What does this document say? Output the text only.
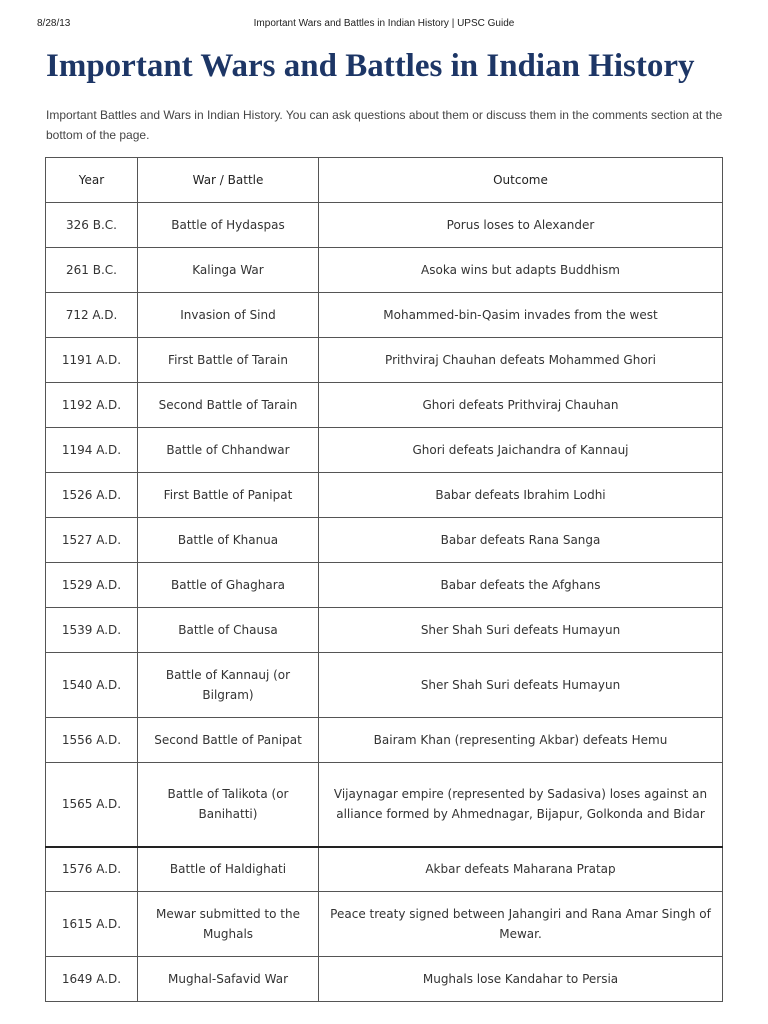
8/28/13	Important Wars and Battles in Indian History | UPSC Guide
Important Wars and Battles in Indian History

Important Battles and Wars in Indian History. You can ask questions about them or discuss them in the comments section at the bottom of the page.

Year	War / Battle	Outcome
326 B.C.	Battle of Hydaspas	Porus loses to Alexander
261 B.C.	Kalinga War	Asoka wins but adapts Buddhism
712 A.D.	Invasion of Sind	Mohammed-bin-Qasim invades from the west
1191 A.D.	First Battle of Tarain	Prithviraj Chauhan defeats Mohammed Ghori
1192 A.D.	Second Battle of Tarain	Ghori defeats Prithviraj Chauhan
1194 A.D.	Battle of Chhandwar	Ghori defeats Jaichandra of Kannauj
1526 A.D.	First Battle of Panipat	Babar defeats Ibrahim Lodhi
1527 A.D.	Battle of Khanua	Babar defeats Rana Sanga
1529 A.D.	Battle of Ghaghara	Babar defeats the Afghans
1539 A.D.	Battle of Chausa	Sher Shah Suri defeats Humayun
1540 A.D.	Battle of Kannauj (or Bilgram)	Sher Shah Suri defeats Humayun
1556 A.D.	Second Battle of Panipat	Bairam Khan (representing Akbar) defeats Hemu
1565 A.D.	Battle of Talikota (or Banihatti)	Vijaynagar empire (represented by Sadasiva) loses against an alliance formed by Ahmednagar, Bijapur, Golkonda and Bidar
1576 A.D.	Battle of Haldighati	Akbar defeats Maharana Pratap
1615 A.D.	Mewar submitted to the Mughals	Peace treaty signed between Jahangiri and Rana Amar Singh of Mewar.
1649 A.D.	Mughal-Safavid War	Mughals lose Kandahar to Persia
